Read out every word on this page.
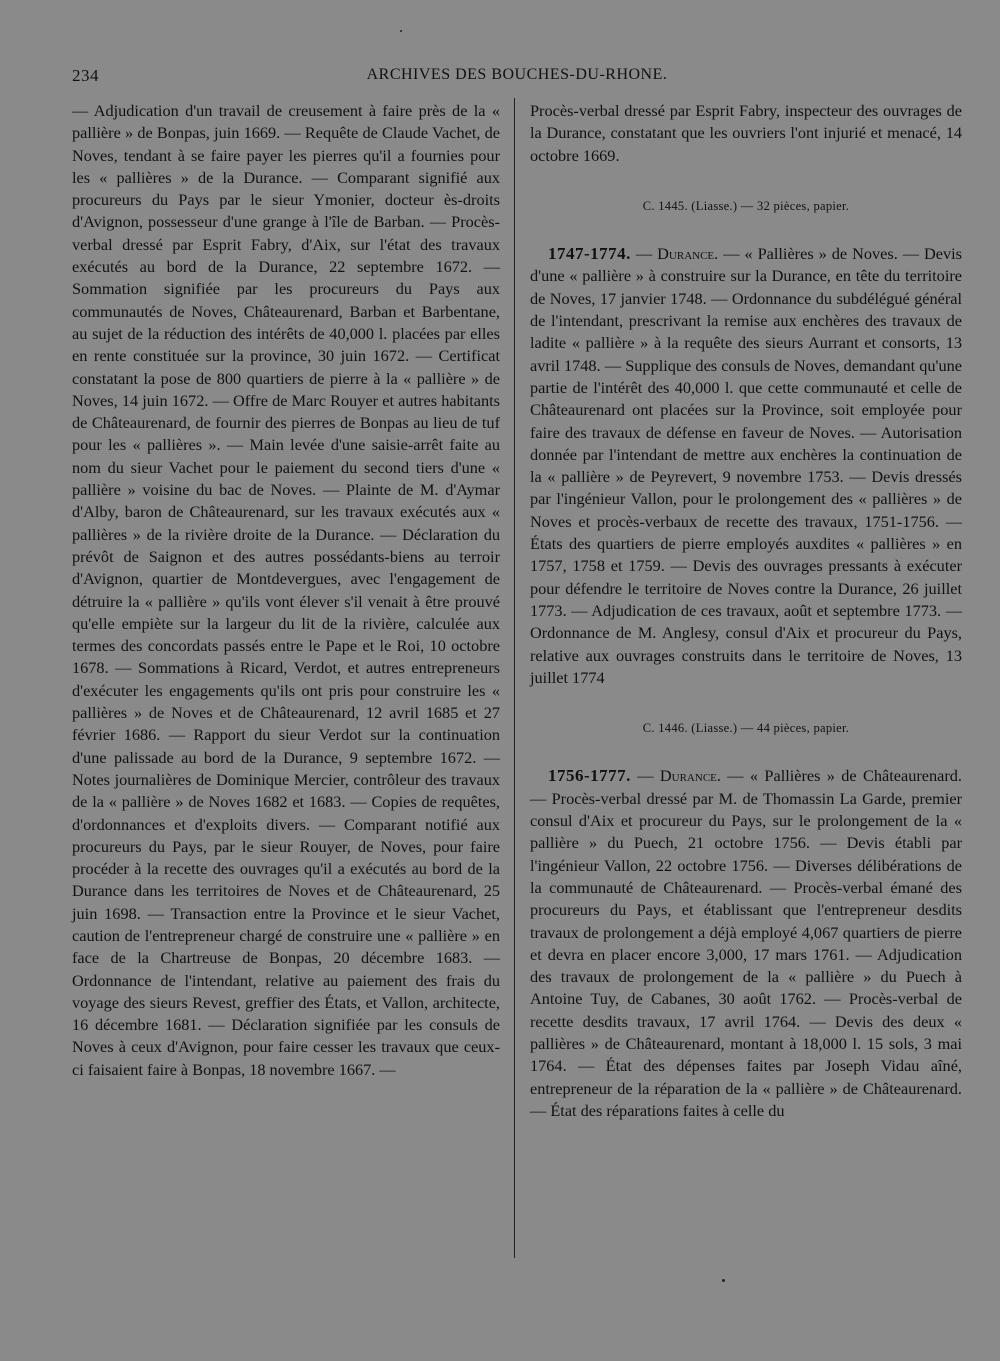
234	ARCHIVES DES BOUCHES-DU-RHONE.

— Adjudication d'un travail de creusement à faire près de la « pallière » de Bonpas, juin 1669. — Requête de Claude Vachet, de Noves, tendant à se faire payer les pierres qu'il a fournies pour les « pallières » de la Durance. — Comparant signifié aux procureurs du Pays par le sieur Ymonier, docteur ès-droits d'Avignon, possesseur d'une grange à l'île de Barban. — Procès-verbal dressé par Esprit Fabry, d'Aix, sur l'état des travaux exécutés au bord de la Durance, 22 septembre 1672. — Sommation signifiée par les procureurs du Pays aux communautés de Noves, Châteaurenard, Barban et Barbentane, au sujet de la réduction des intérêts de 40,000 l. placées par elles en rente constituée sur la province, 30 juin 1672. — Certificat constatant la pose de 800 quartiers de pierre à la « pallière » de Noves, 14 juin 1672. — Offre de Marc Rouyer et autres habitants de Châteaurenard, de fournir des pierres de Bonpas au lieu de tuf pour les « pallières ». — Main levée d'une saisie-arrêt faite au nom du sieur Vachet pour le paiement du second tiers d'une « pallière » voisine du bac de Noves. — Plainte de M. d'Aymar d'Alby, baron de Châteaurenard, sur les travaux exécutés aux « pallières » de la rivière droite de la Durance. — Déclaration du prévôt de Saignon et des autres possédants-biens au terroir d'Avignon, quartier de Montdevergues, avec l'engagement de détruire la « pallière » qu'ils vont élever s'il venait à être prouvé qu'elle empiète sur la largeur du lit de la rivière, calculée aux termes des concordats passés entre le Pape et le Roi, 10 octobre 1678. — Sommations à Ricard, Verdot, et autres entrepreneurs d'exécuter les engagements qu'ils ont pris pour construire les « pallières » de Noves et de Châteaurenard, 12 avril 1685 et 27 février 1686. — Rapport du sieur Verdot sur la continuation d'une palissade au bord de la Durance, 9 septembre 1672. — Notes journalières de Dominique Mercier, contrôleur des travaux de la « pallière » de Noves 1682 et 1683. — Copies de requêtes, d'ordonnances et d'exploits divers. — Comparant notifié aux procureurs du Pays, par le sieur Rouyer, de Noves, pour faire procéder à la recette des ouvrages qu'il a exécutés au bord de la Durance dans les territoires de Noves et de Châteaurenard, 25 juin 1698. — Transaction entre la Province et le sieur Vachet, caution de l'entrepreneur chargé de construire une « pallière » en face de la Chartreuse de Bonpas, 20 décembre 1683. — Ordonnance de l'intendant, relative au paiement des frais du voyage des sieurs Revest, greffier des États, et Vallon, architecte, 16 décembre 1681. — Déclaration signifiée par les consuls de Noves à ceux d'Avignon, pour faire cesser les travaux que ceux-ci faisaient faire à Bonpas, 18 novembre 1667. —

Procès-verbal dressé par Esprit Fabry, inspecteur des ouvrages de la Durance, constatant que les ouvriers l'ont injurié et menacé, 14 octobre 1669.

C. 1445. (Liasse.) — 32 pièces, papier.

1747-1774. — Durance. — « Pallières » de Noves. — Devis d'une « pallière » à construire sur la Durance, en tête du territoire de Noves, 17 janvier 1748. — Ordonnance du subdélégué général de l'intendant, prescrivant la remise aux enchères des travaux de ladite « pallière » à la requête des sieurs Aurrant et consorts, 13 avril 1748. — Supplique des consuls de Noves, demandant qu'une partie de l'intérêt des 40,000 l. que cette communauté et celle de Châteaurenard ont placées sur la Province, soit employée pour faire des travaux de défense en faveur de Noves. — Autorisation donnée par l'intendant de mettre aux enchères la continuation de la « pallière » de Peyrevert, 9 novembre 1753. — Devis dressés par l'ingénieur Vallon, pour le prolongement des « pallières » de Noves et procès-verbaux de recette des travaux, 1751-1756. — États des quartiers de pierre employés auxdites « pallières » en 1757, 1758 et 1759. — Devis des ouvrages pressants à exécuter pour défendre le territoire de Noves contre la Durance, 26 juillet 1773. — Adjudication de ces travaux, août et septembre 1773. — Ordonnance de M. Anglesy, consul d'Aix et procureur du Pays, relative aux ouvrages construits dans le territoire de Noves, 13 juillet 1774

C. 1446. (Liasse.) — 44 pièces, papier.

1756-1777. — Durance. — « Pallières » de Châteaurenard. — Procès-verbal dressé par M. de Thomassin La Garde, premier consul d'Aix et procureur du Pays, sur le prolongement de la « pallière » du Puech, 21 octobre 1756. — Devis établi par l'ingénieur Vallon, 22 octobre 1756. — Diverses délibérations de la communauté de Châteaurenard. — Procès-verbal émané des procureurs du Pays, et établissant que l'entrepreneur desdits travaux de prolongement a déjà employé 4,067 quartiers de pierre et devra en placer encore 3,000, 17 mars 1761. — Adjudication des travaux de prolongement de la « pallière » du Puech à Antoine Tuy, de Cabanes, 30 août 1762. — Procès-verbal de recette desdits travaux, 17 avril 1764. — Devis des deux « pallières » de Châteaurenard, montant à 18,000 l. 15 sols, 3 mai 1764. — État des dépenses faites par Joseph Vidau aîné, entrepreneur de la réparation de la « pallière » de Châteaurenard. — État des réparations faites à celle du
